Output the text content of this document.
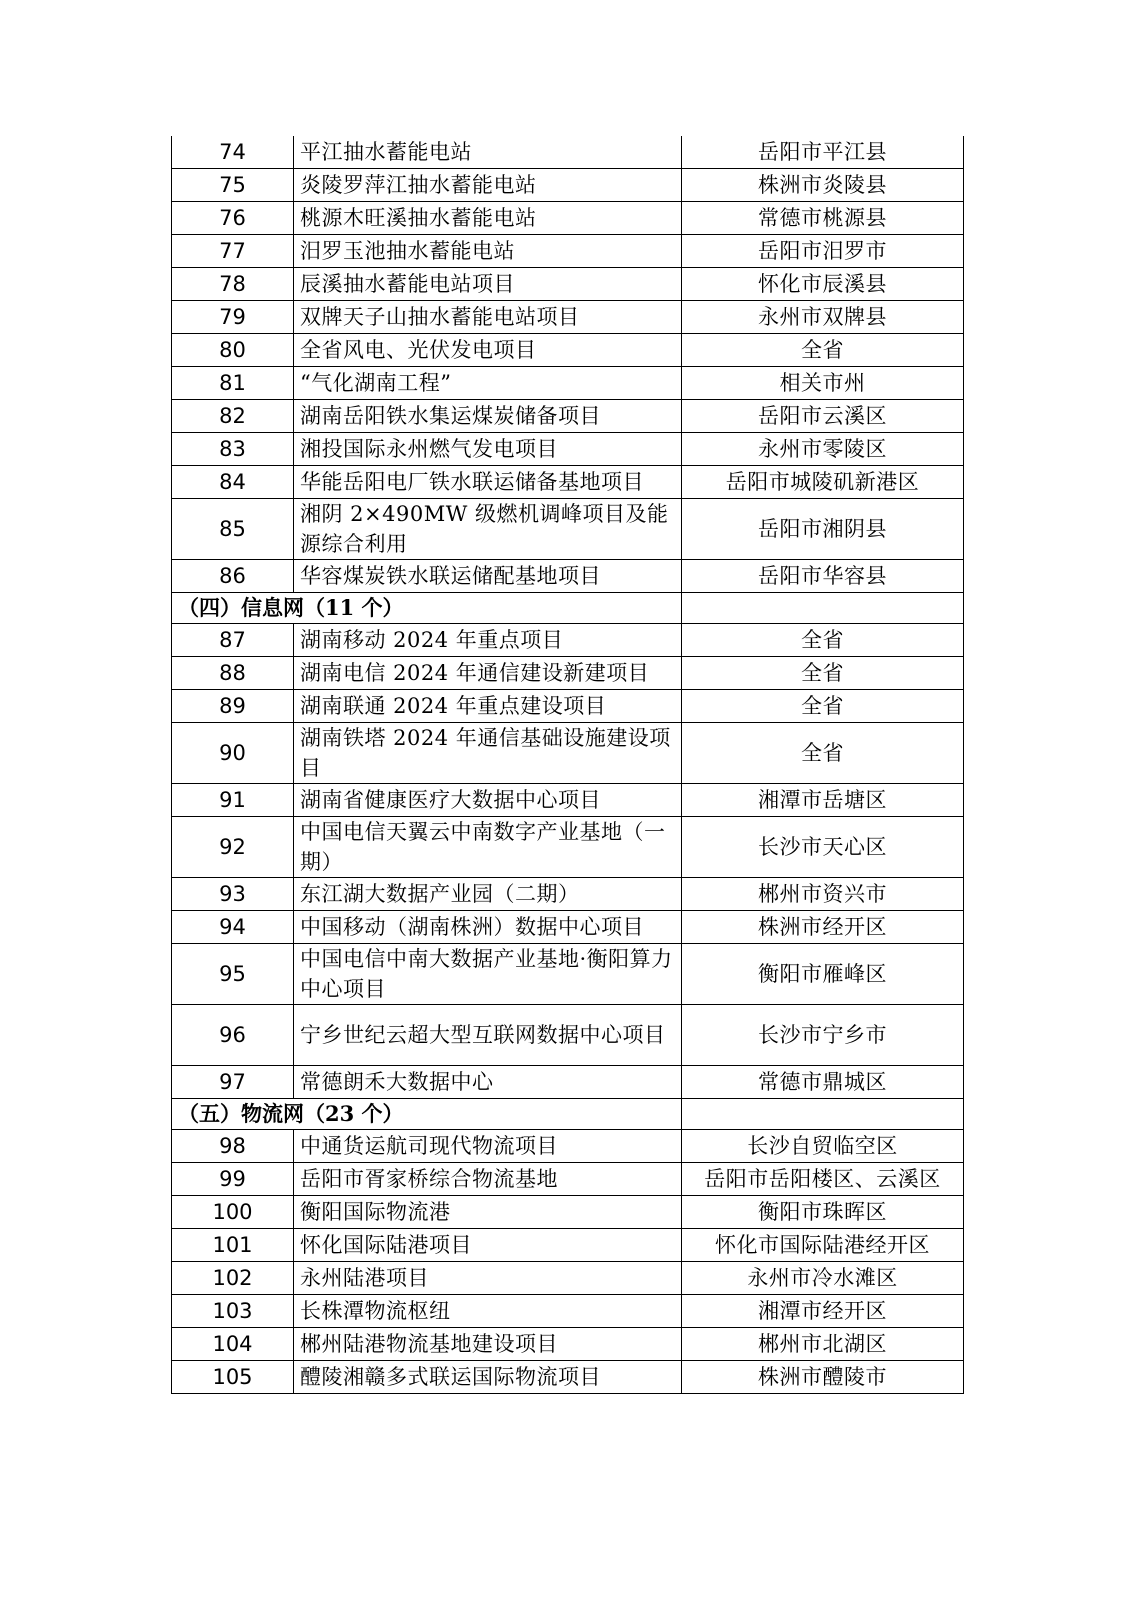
74	平江抽水蓄能电站	岳阳市平江县
75	炎陵罗萍江抽水蓄能电站	株洲市炎陵县
76	桃源木旺溪抽水蓄能电站	常德市桃源县
77	汨罗玉池抽水蓄能电站	岳阳市汨罗市
78	辰溪抽水蓄能电站项目	怀化市辰溪县
79	双牌天子山抽水蓄能电站项目	永州市双牌县
80	全省风电、光伏发电项目	全省
81	“气化湖南工程”	相关市州
82	湖南岳阳铁水集运煤炭储备项目	岳阳市云溪区
83	湘投国际永州燃气发电项目	永州市零陵区
84	华能岳阳电厂铁水联运储备基地项目	岳阳市城陵矶新港区
85	湘阴 2×490MW 级燃机调峰项目及能源综合利用	岳阳市湘阴县
86	华容煤炭铁水联运储配基地项目	岳阳市华容县
（四）信息网（11 个）		
87	湖南移动 2024 年重点项目	全省
88	湖南电信 2024 年通信建设新建项目	全省
89	湖南联通 2024 年重点建设项目	全省
90	湖南铁塔 2024 年通信基础设施建设项目	全省
91	湖南省健康医疗大数据中心项目	湘潭市岳塘区
92	中国电信天翼云中南数字产业基地（一期）	长沙市天心区
93	东江湖大数据产业园（二期）	郴州市资兴市
94	中国移动（湖南株洲）数据中心项目	株洲市经开区
95	中国电信中南大数据产业基地·衡阳算力中心项目	衡阳市雁峰区
96	宁乡世纪云超大型互联网数据中心项目	长沙市宁乡市
97	常德朗禾大数据中心	常德市鼎城区
（五）物流网（23 个）		
98	中通货运航司现代物流项目	长沙自贸临空区
99	岳阳市胥家桥综合物流基地	岳阳市岳阳楼区、云溪区
100	衡阳国际物流港	衡阳市珠晖区
101	怀化国际陆港项目	怀化市国际陆港经开区
102	永州陆港项目	永州市冷水滩区
103	长株潭物流枢纽	湘潭市经开区
104	郴州陆港物流基地建设项目	郴州市北湖区
105	醴陵湘赣多式联运国际物流项目	株洲市醴陵市
